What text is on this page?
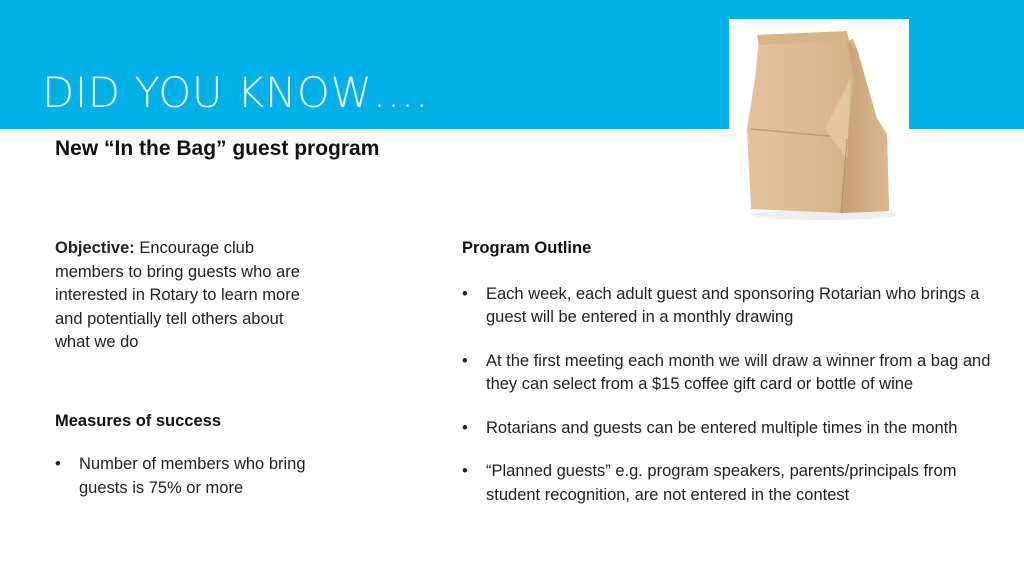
DID YOU KNOW….
New “In the Bag” guest program

Objective: Encourage club members to bring guests who are interested in Rotary to learn more and potentially tell others about what we do

Measures of success
• Number of members who bring guests is 75% or more
Program Outline
• Each week, each adult guest and sponsoring Rotarian who brings a guest will be entered in a monthly drawing
• At the first meeting each month we will draw a winner from a bag and they can select from a $15 coffee gift card or bottle of wine
• Rotarians and guests can be entered multiple times in the month
• “Planned guests” e.g. program speakers, parents/principals from student recognition, are not entered in the contest
